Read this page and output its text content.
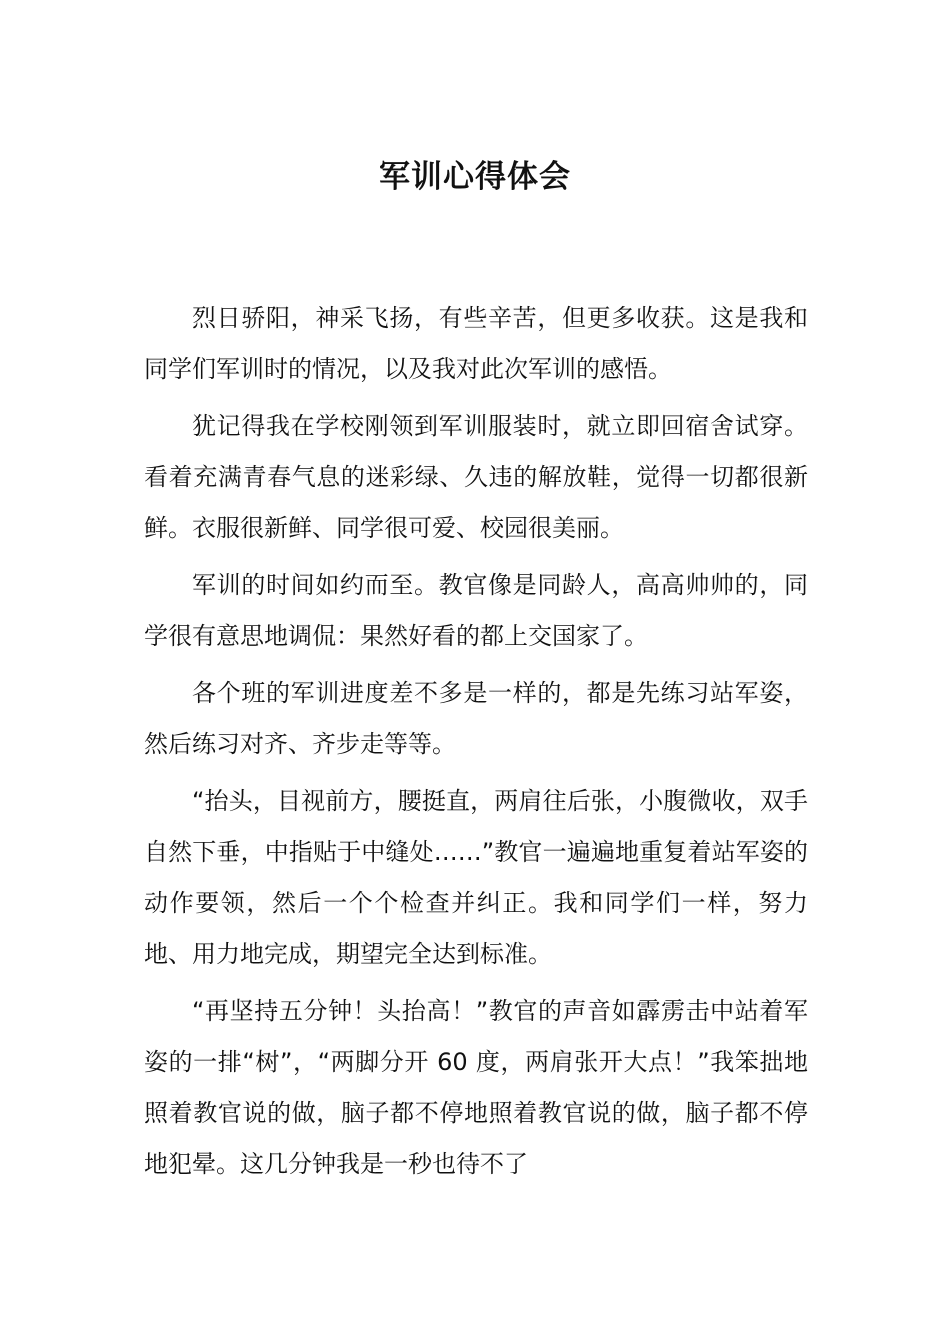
军训心得体会

烈日骄阳，神采飞扬，有些辛苦，但更多收获。这是我和同学们军训时的情况，以及我对此次军训的感悟。

犹记得我在学校刚领到军训服装时，就立即回宿舍试穿。看着充满青春气息的迷彩绿、久违的解放鞋，觉得一切都很新鲜。衣服很新鲜、同学很可爱、校园很美丽。

军训的时间如约而至。教官像是同龄人，高高帅帅的，同学很有意思地调侃：果然好看的都上交国家了。

各个班的军训进度差不多是一样的，都是先练习站军姿，然后练习对齐、齐步走等等。

“抬头，目视前方，腰挺直，两肩往后张，小腹微收，双手自然下垂，中指贴于中缝处……”教官一遍遍地重复着站军姿的动作要领，然后一个个检查并纠正。我和同学们一样，努力地、用力地完成，期望完全达到标准。

“再坚持五分钟！头抬高！”教官的声音如霹雳击中站着军姿的一排“树”，“两脚分开 60 度，两肩张开大点！”我笨拙地照着教官说的做，脑子都不停地照着教官说的做，脑子都不停地犯晕。这几分钟我是一秒也待不了
